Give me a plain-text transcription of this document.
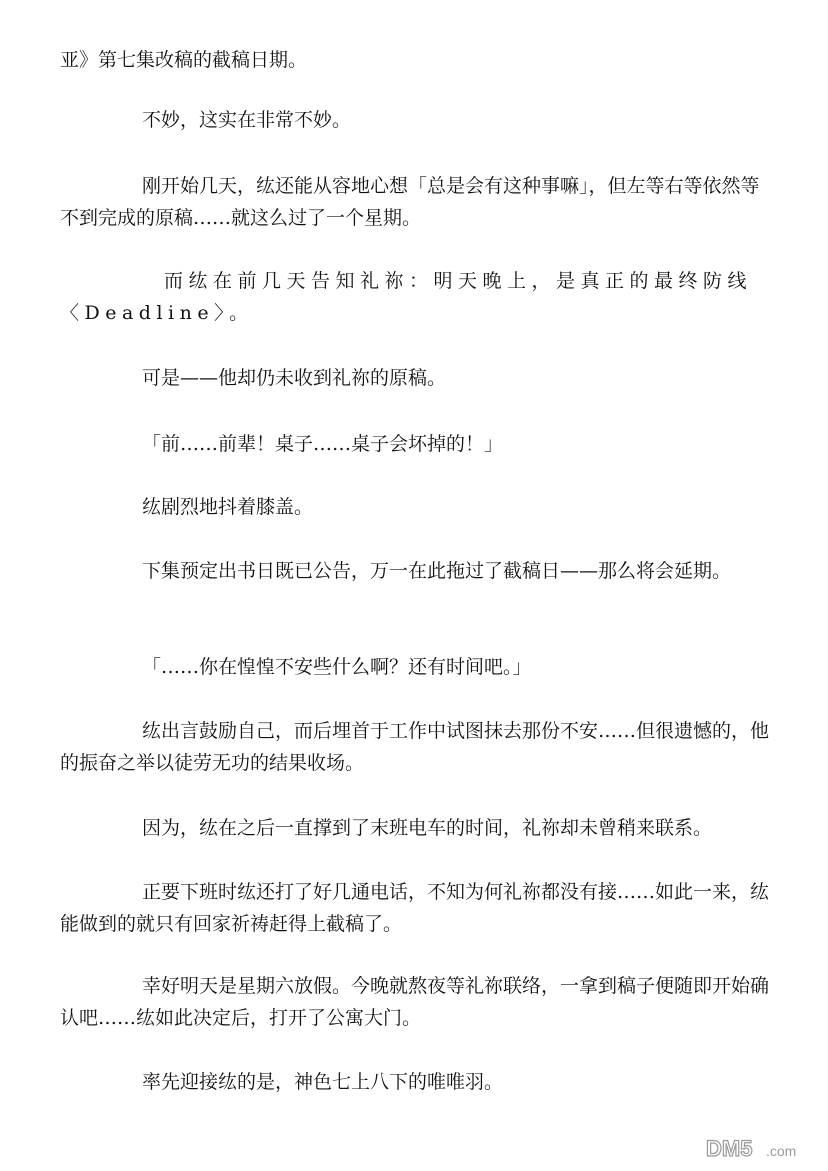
亚》第七集改稿的截稿日期。

不妙，这实在非常不妙。

刚开始几天，纮还能从容地心想「总是会有这种事嘛」，但左等右等依然等不到完成的原稿……就这么过了一个星期。

而纮在前几天告知礼祢：明天晚上，是真正的最终防线〈Deadline〉。

可是——他却仍未收到礼祢的原稿。

「前……前辈！桌子……桌子会坏掉的！」

纮剧烈地抖着膝盖。

下集预定出书日既已公告，万一在此拖过了截稿日——那么将会延期。

「……你在惶惶不安些什么啊？还有时间吧。」

纮出言鼓励自己，而后埋首于工作中试图抹去那份不安……但很遗憾的，他的振奋之举以徒劳无功的结果收场。

因为，纮在之后一直撑到了末班电车的时间，礼祢却未曾稍来联系。

正要下班时纮还打了好几通电话，不知为何礼祢都没有接……如此一来，纮能做到的就只有回家祈祷赶得上截稿了。

幸好明天是星期六放假。今晚就熬夜等礼祢联络，一拿到稿子便随即开始确认吧……纮如此决定后，打开了公寓大门。

率先迎接纮的是，神色七上八下的唯唯羽。

DM5 .com
